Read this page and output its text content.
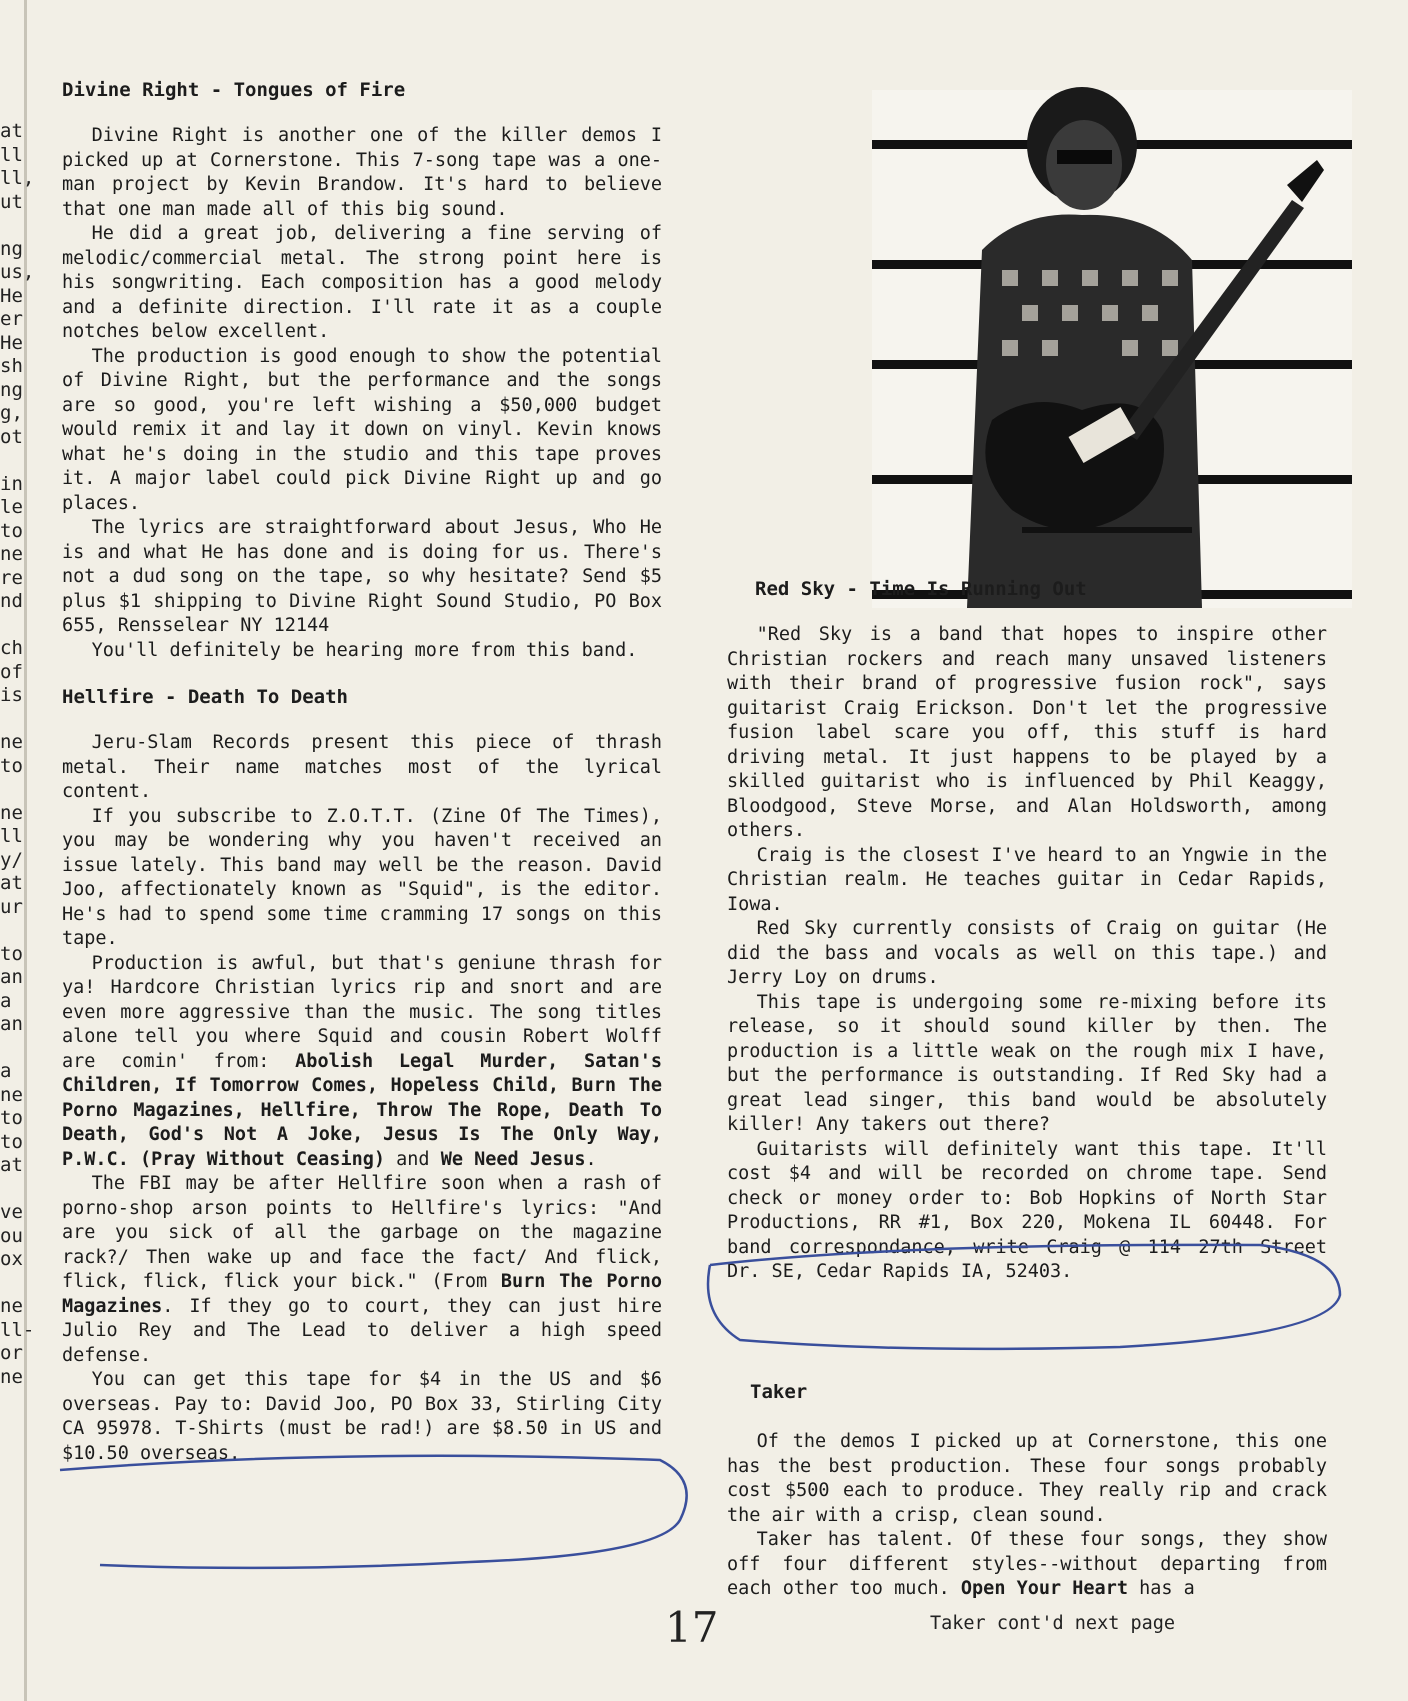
at
ll
ll,
ut

ng
us,
He
er
He
sh
ng
g,
ot

in
le
to
ne
re
nd

ch
of
is

ne
to

ne
ll
y/
at
ur

to
an
a
an

a
ne
to
to
at

ve
ou
ox

ne
ll-
or
ne
Divine Right - Tongues of Fire

Divine Right is another one of the killer demos I picked up at Cornerstone. This 7-song tape was a one-man project by Kevin Brandow. It's hard to believe that one man made all of this big sound.

He did a great job, delivering a fine serving of melodic/commercial metal. The strong point here is his songwriting. Each composition has a good melody and a definite direction. I'll rate it as a couple notches below excellent.

The production is good enough to show the potential of Divine Right, but the performance and the songs are so good, you're left wishing a $50,000 budget would remix it and lay it down on vinyl. Kevin knows what he's doing in the studio and this tape proves it. A major label could pick Divine Right up and go places.

The lyrics are straightforward about Jesus, Who He is and what He has done and is doing for us. There's not a dud song on the tape, so why hesitate? Send $5 plus $1 shipping to Divine Right Sound Studio, PO Box 655, Rensselear NY 12144

You'll definitely be hearing more from this band.

Hellfire - Death To Death

Jeru-Slam Records present this piece of thrash metal. Their name matches most of the lyrical content.

If you subscribe to Z.O.T.T. (Zine Of The Times), you may be wondering why you haven't received an issue lately. This band may well be the reason. David Joo, affectionately known as "Squid", is the editor. He's had to spend some time cramming 17 songs on this tape.

Production is awful, but that's geniune thrash for ya! Hardcore Christian lyrics rip and snort and are even more aggressive than the music. The song titles alone tell you where Squid and cousin Robert Wolff are comin' from: Abolish Legal Murder, Satan's Children, If Tomorrow Comes, Hopeless Child, Burn The Porno Magazines, Hellfire, Throw The Rope, Death To Death, God's Not A Joke, Jesus Is The Only Way, P.W.C. (Pray Without Ceasing) and We Need Jesus.

The FBI may be after Hellfire soon when a rash of porno-shop arson points to Hellfire's lyrics: "And are you sick of all the garbage on the magazine rack?/ Then wake up and face the fact/ And flick, flick, flick, flick your bick." (From Burn The Porno Magazines. If they go to court, they can just hire Julio Rey and The Lead to deliver a high speed defense.

You can get this tape for $4 in the US and $6 overseas. Pay to: David Joo, PO Box 33, Stirling City CA 95978. T-Shirts (must be rad!) are $8.50 in US and $10.50 overseas.

Red Sky - Time Is Running Out

"Red Sky is a band that hopes to inspire other Christian rockers and reach many unsaved listeners with their brand of progressive fusion rock", says guitarist Craig Erickson. Don't let the progressive fusion label scare you off, this stuff is hard driving metal. It just happens to be played by a skilled guitarist who is influenced by Phil Keaggy, Bloodgood, Steve Morse, and Alan Holdsworth, among others.

Craig is the closest I've heard to an Yngwie in the Christian realm. He teaches guitar in Cedar Rapids, Iowa.

Red Sky currently consists of Craig on guitar (He did the bass and vocals as well on this tape.) and Jerry Loy on drums.

This tape is undergoing some re-mixing before its release, so it should sound killer by then. The production is a little weak on the rough mix I have, but the performance is outstanding. If Red Sky had a great lead singer, this band would be absolutely killer! Any takers out there?

Guitarists will definitely want this tape. It'll cost $4 and will be recorded on chrome tape. Send check or money order to: Bob Hopkins of North Star Productions, RR #1, Box 220, Mokena IL 60448. For band correspondance, write Craig @ 114 27th Street Dr. SE, Cedar Rapids IA, 52403.

Taker

Of the demos I picked up at Cornerstone, this one has the best production. These four songs probably cost $500 each to produce. They really rip and crack the air with a crisp, clean sound.

Taker has talent. Of these four songs, they show off four different styles--without departing from each other too much. Open Your Heart has a

17	Taker cont'd next page
